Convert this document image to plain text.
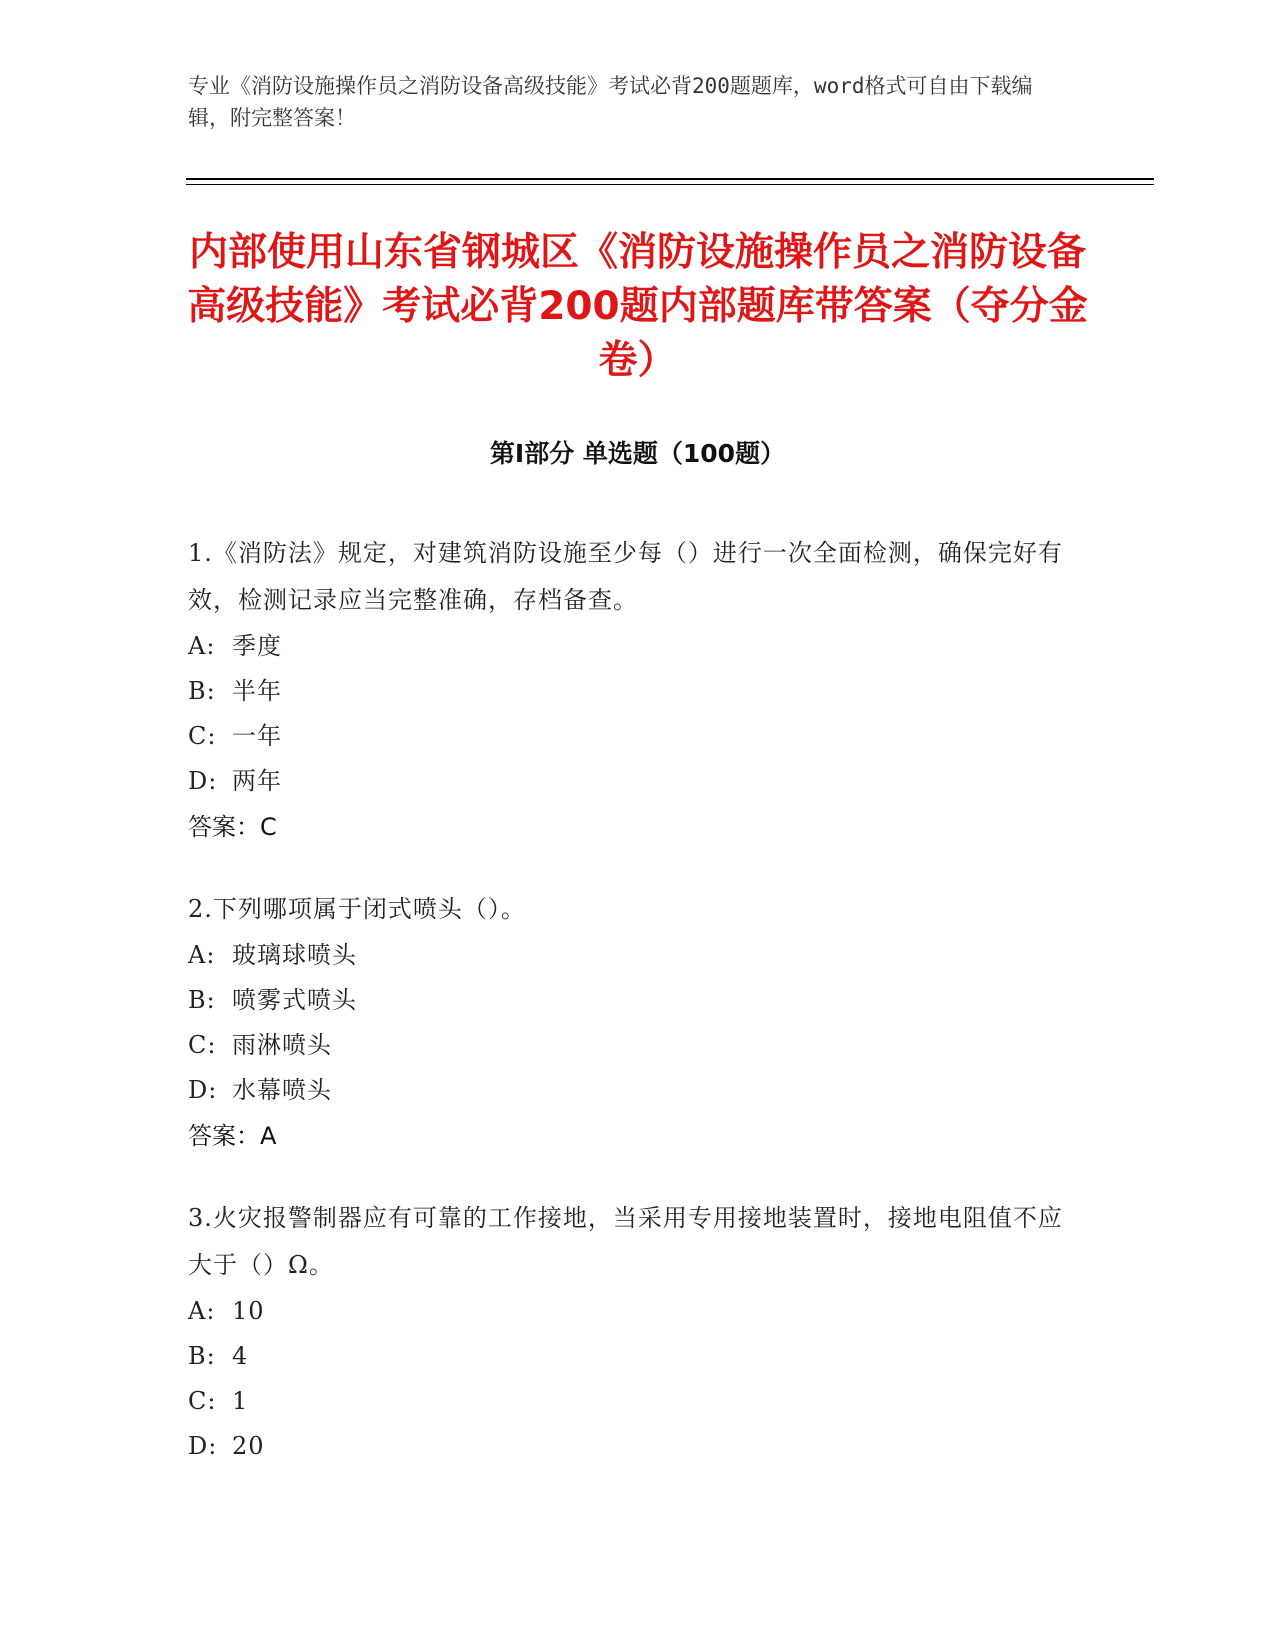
专业《消防设施操作员之消防设备高级技能》考试必背200题题库，word格式可自由下载编辑，附完整答案！
内部使用山东省钢城区《消防设施操作员之消防设备高级技能》考试必背200题内部题库带答案（夺分金卷）
第I部分 单选题（100题）
1.《消防法》规定，对建筑消防设施至少每（）进行一次全面检测，确保完好有效，检测记录应当完整准确，存档备查。
A: 季度
B: 半年
C: 一年
D: 两年
答案：C
2.下列哪项属于闭式喷头（）。
A: 玻璃球喷头
B: 喷雾式喷头
C: 雨淋喷头
D: 水幕喷头
答案：A
3.火灾报警制器应有可靠的工作接地，当采用专用接地装置时，接地电阻值不应大于（）Ω。
A: 10
B: 4
C: 1
D: 20
